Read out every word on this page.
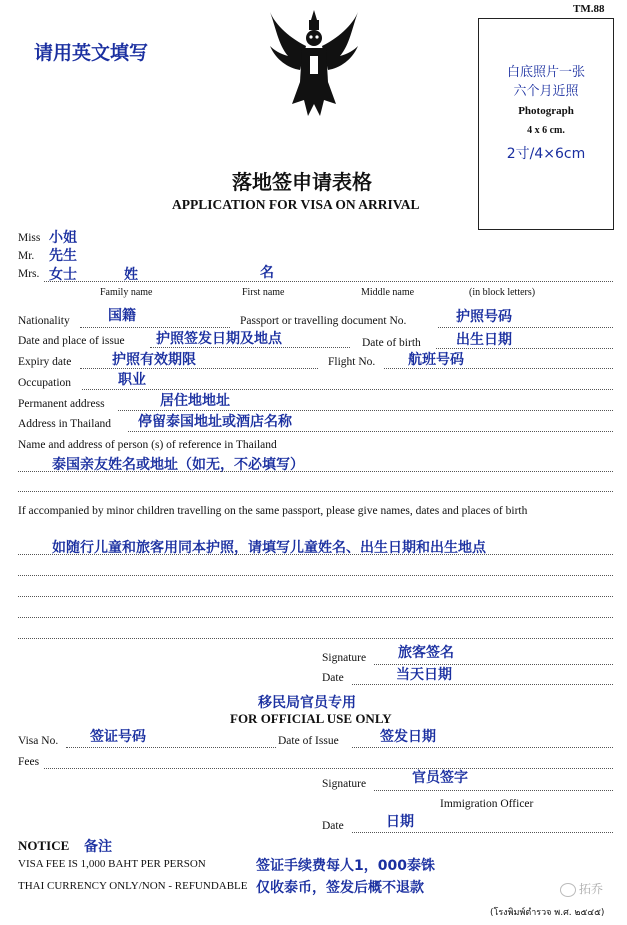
请用英文填写
TM.88
白底照片一张
六个月近照
Photograph
4 x 6 cm.
2寸/4×6cm
落地签申请表格
APPLICATION FOR VISA ON ARRIVAL
Miss 小姐
Mr. 先生
Mrs. 女士	姓	名
Family name	First name	Middle name	(in block letters)
Nationality	国籍	Passport or travelling document No.	护照号码
Date and place of issue 护照签发日期及地点	Date of birth	出生日期
Expiry date	护照有效期限	Flight No. 航班号码
Occupation	职业
Permanent address	居住地地址
Address in Thailand 停留泰国地址或酒店名称
Name and address of person (s) of reference in Thailand
泰国亲友姓名或地址（如无，不必填写）
If accompanied by minor children travelling on the same passport, please give names, dates and places of birth
如随行儿童和旅客用同本护照，请填写儿童姓名、出生日期和出生地点
Signature 旅客签名
Date	当天日期
移民局官员专用
FOR OFFICIAL USE ONLY
Visa No. 签证号码	Date of Issue	签发日期
Fees
Signature	官员签字
Immigration Officer
Date	日期
NOTICE 备注
VISA FEE IS 1,000 BAHT PER PERSON	签证手续费每人1，000泰铢
THAI CURRENCY ONLY/NON - REFUNDABLE 仅收泰币，签发后概不退款	拓乔
(โรงพิมพ์ตำรวจ พ.ศ. ๒๕๔๕)
